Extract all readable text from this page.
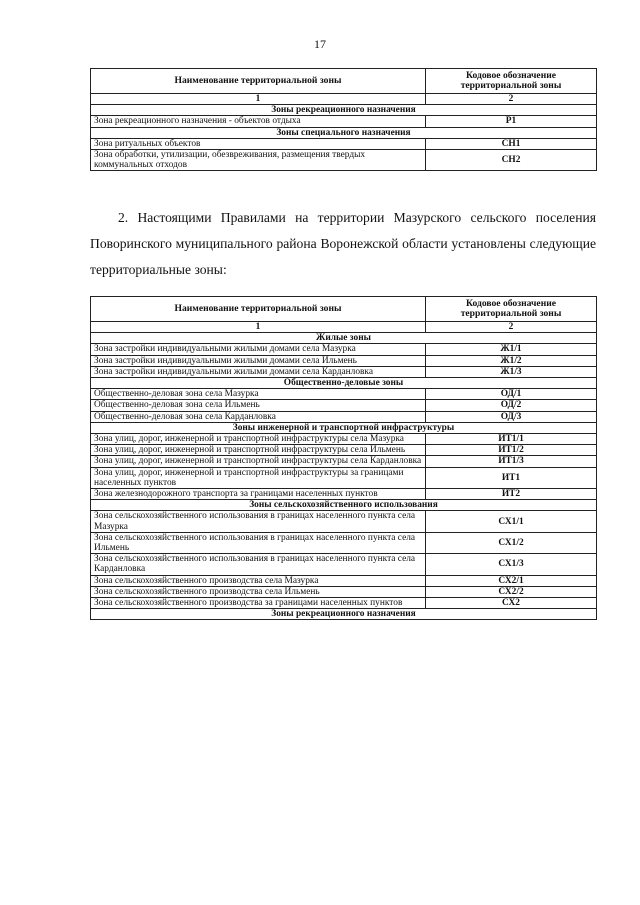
17
Наименование территориальной зоны	Кодовое обозначение территориальной зоны
1	2
Зоны рекреационного назначения	
Зона рекреационного назначения - объектов отдыха	Р1
Зоны специального назначения	
Зона ритуальных объектов	СН1
Зона обработки, утилизации, обезвреживания, размещения твердых коммунальных отходов	СН2
2. Настоящими Правилами на территории Мазурского сельского поселения Поворинского муниципального района Воронежской области установлены следующие территориальные зоны:
Наименование территориальной зоны	Кодовое обозначение территориальной зоны
1	2
Жилые зоны	
Зона застройки индивидуальными жилыми домами села Мазурка	Ж1/1
Зона застройки индивидуальными жилыми домами села Ильмень	Ж1/2
Зона застройки индивидуальными жилыми домами села Карданловка	Ж1/3
Общественно-деловые зоны	
Общественно-деловая зона села Мазурка	ОД/1
Общественно-деловая зона села Ильмень	ОД/2
Общественно-деловая зона села Карданловка	ОД/3
Зоны инженерной и транспортной инфраструктуры	
Зона улиц, дорог, инженерной и транспортной инфраструктуры села Мазурка	ИТ1/1
Зона улиц, дорог, инженерной и транспортной инфраструктуры села Ильмень	ИТ1/2
Зона улиц, дорог, инженерной и транспортной инфраструктуры села Карданловка	ИТ1/3
Зона улиц, дорог, инженерной и транспортной инфраструктуры за границами населенных пунктов	ИТ1
Зона железнодорожного транспорта за границами населенных пунктов	ИТ2
Зоны сельскохозяйственного использования	
Зона сельскохозяйственного использования в границах населенного пункта села Мазурка	СХ1/1
Зона сельскохозяйственного использования в границах населенного пункта села Ильмень	СХ1/2
Зона сельскохозяйственного использования в границах населенного пункта села Карданловка	СХ1/3
Зона сельскохозяйственного производства села Мазурка	СХ2/1
Зона сельскохозяйственного производства села Ильмень	СХ2/2
Зона сельскохозяйственного производства за границами населенных пунктов	СХ2
Зоны рекреационного назначения	
